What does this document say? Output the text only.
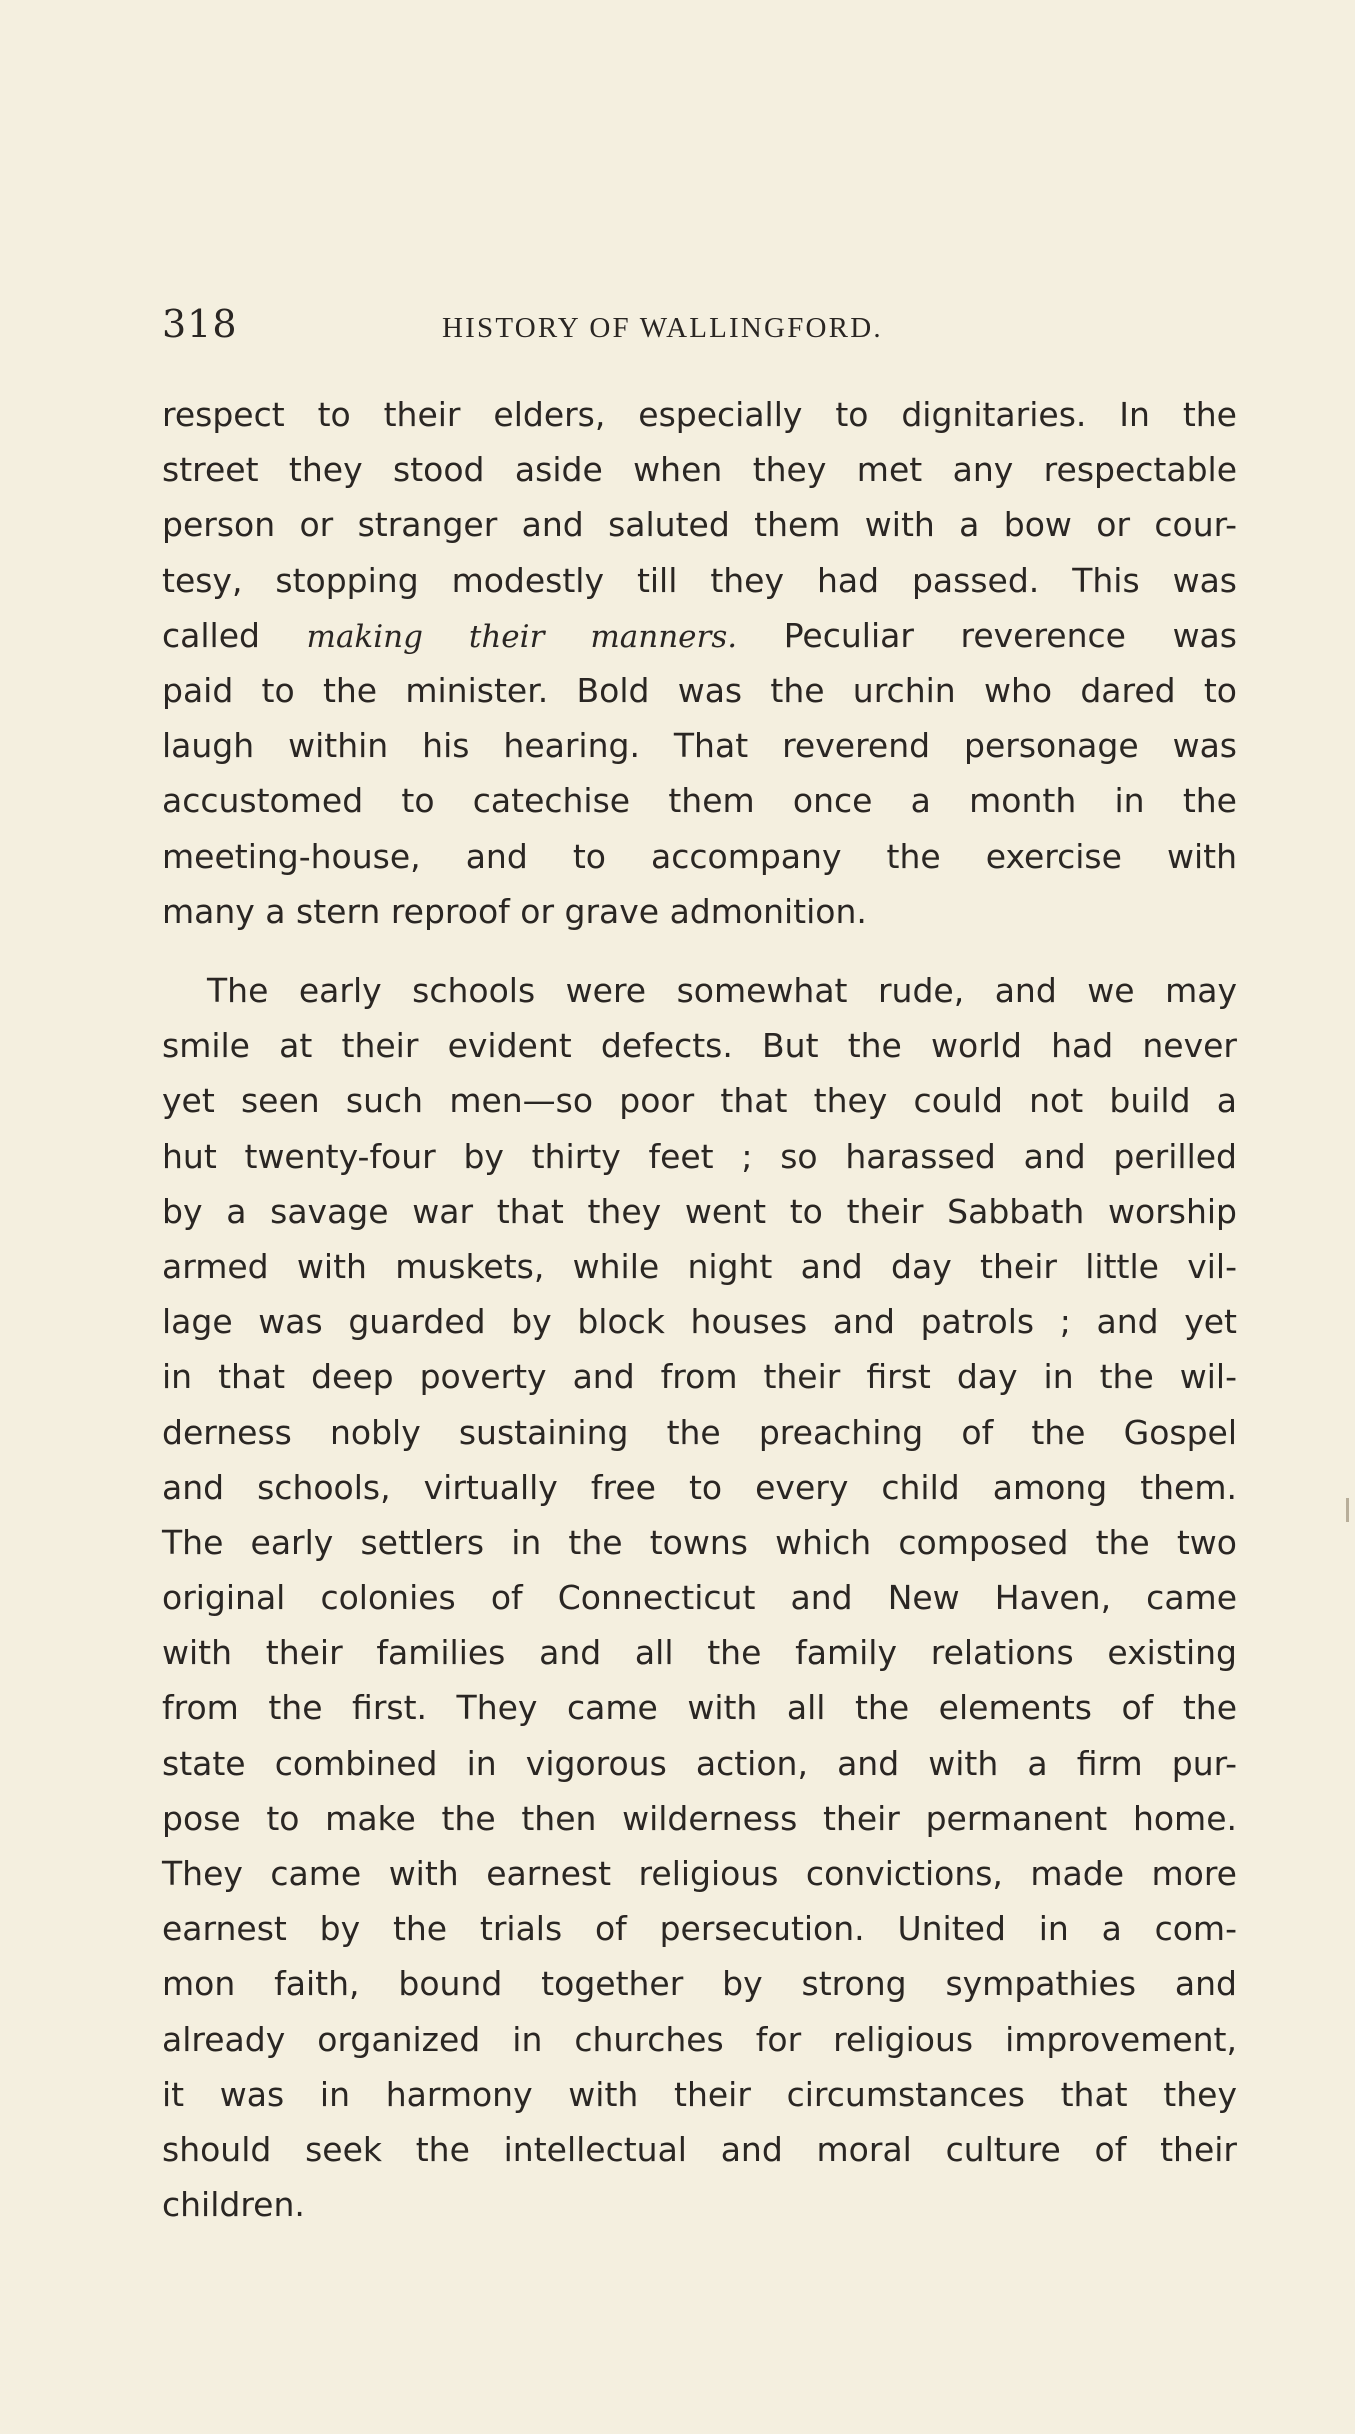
318	HISTORY OF WALLINGFORD.
respect to their elders, especially to dignitaries. In the
street they stood aside when they met any respectable
person or stranger and saluted them with a bow or cour-
tesy, stopping modestly till they had passed. This was
called making their manners. Peculiar reverence was
paid to the minister. Bold was the urchin who dared to
laugh within his hearing. That reverend personage was
accustomed to catechise them once a month in the
meeting-house, and to accompany the exercise with
many a stern reproof or grave admonition.
The early schools were somewhat rude, and we may
smile at their evident defects. But the world had never
yet seen such men—so poor that they could not build a
hut twenty-four by thirty feet ; so harassed and perilled
by a savage war that they went to their Sabbath worship
armed with muskets, while night and day their little vil-
lage was guarded by block houses and patrols ; and yet
in that deep poverty and from their first day in the wil-
derness nobly sustaining the preaching of the Gospel
and schools, virtually free to every child among them.
The early settlers in the towns which composed the two
original colonies of Connecticut and New Haven, came
with their families and all the family relations existing
from the first. They came with all the elements of the
state combined in vigorous action, and with a firm pur-
pose to make the then wilderness their permanent home.
They came with earnest religious convictions, made more
earnest by the trials of persecution. United in a com-
mon faith, bound together by strong sympathies and
already organized in churches for religious improvement,
it was in harmony with their circumstances that they
should seek the intellectual and moral culture of their
children.
